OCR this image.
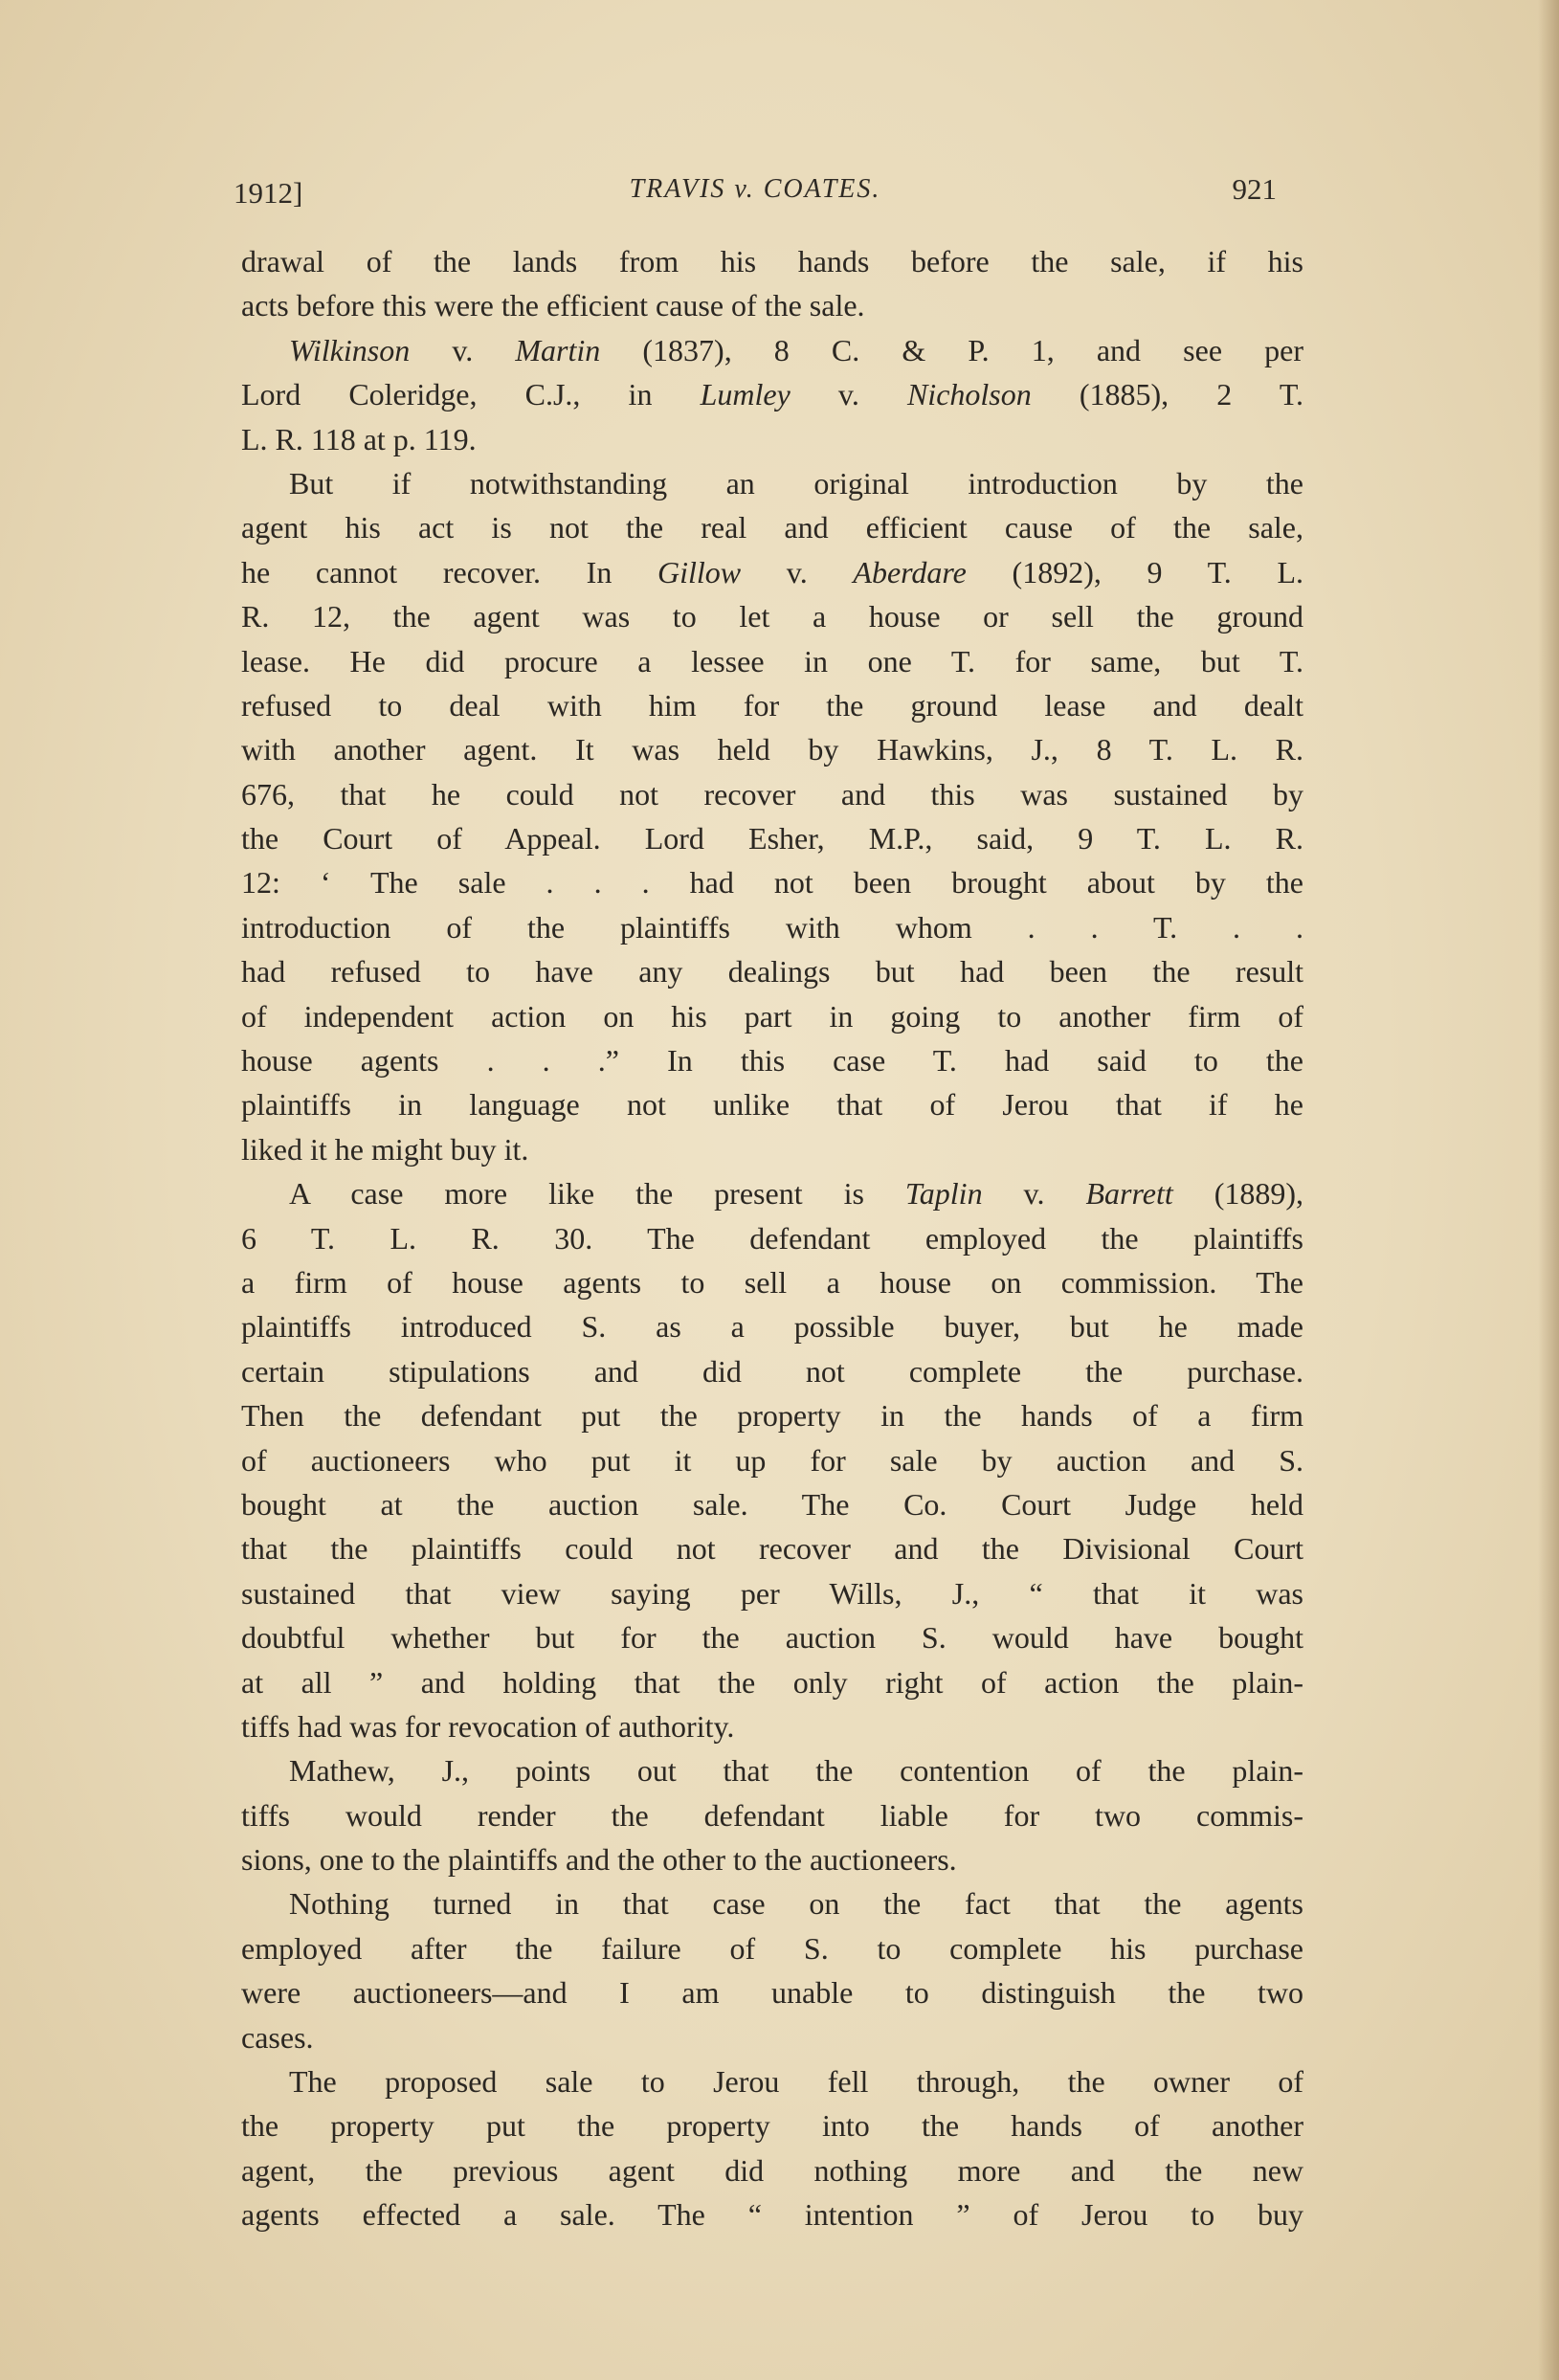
1912]	TRAVIS v. COATES.	921
drawal of the lands from his hands before the sale, if his
acts before this were the efficient cause of the sale.
Wilkinson v. Martin (1837), 8 C. & P. 1, and see per
Lord Coleridge, C.J., in Lumley v. Nicholson (1885), 2 T.
L. R. 118 at p. 119.
But if notwithstanding an original introduction by the
agent his act is not the real and efficient cause of the sale,
he cannot recover. In Gillow v. Aberdare (1892), 9 T. L.
R. 12, the agent was to let a house or sell the ground
lease. He did procure a lessee in one T. for same, but T.
refused to deal with him for the ground lease and dealt
with another agent. It was held by Hawkins, J., 8 T. L. R.
676, that he could not recover and this was sustained by
the Court of Appeal. Lord Esher, M.P., said, 9 T. L. R.
12: ‘ The sale . . . had not been brought about by the
introduction of the plaintiffs with whom . . T. . .
had refused to have any dealings but had been the result
of independent action on his part in going to another firm of
house agents . . .” In this case T. had said to the
plaintiffs in language not unlike that of Jerou that if he
liked it he might buy it.
A case more like the present is Taplin v. Barrett (1889),
6 T. L. R. 30. The defendant employed the plaintiffs
a firm of house agents to sell a house on commission. The
plaintiffs introduced S. as a possible buyer, but he made
certain stipulations and did not complete the purchase.
Then the defendant put the property in the hands of a firm
of auctioneers who put it up for sale by auction and S.
bought at the auction sale. The Co. Court Judge held
that the plaintiffs could not recover and the Divisional Court
sustained that view saying per Wills, J., “ that it was
doubtful whether but for the auction S. would have bought
at all ” and holding that the only right of action the plain-
tiffs had was for revocation of authority.
Mathew, J., points out that the contention of the plain-
tiffs would render the defendant liable for two commis-
sions, one to the plaintiffs and the other to the auctioneers.
Nothing turned in that case on the fact that the agents
employed after the failure of S. to complete his purchase
were auctioneers—and I am unable to distinguish the two
cases.
The proposed sale to Jerou fell through, the owner of
the property put the property into the hands of another
agent, the previous agent did nothing more and the new
agents effected a sale. The “ intention ” of Jerou to buy
